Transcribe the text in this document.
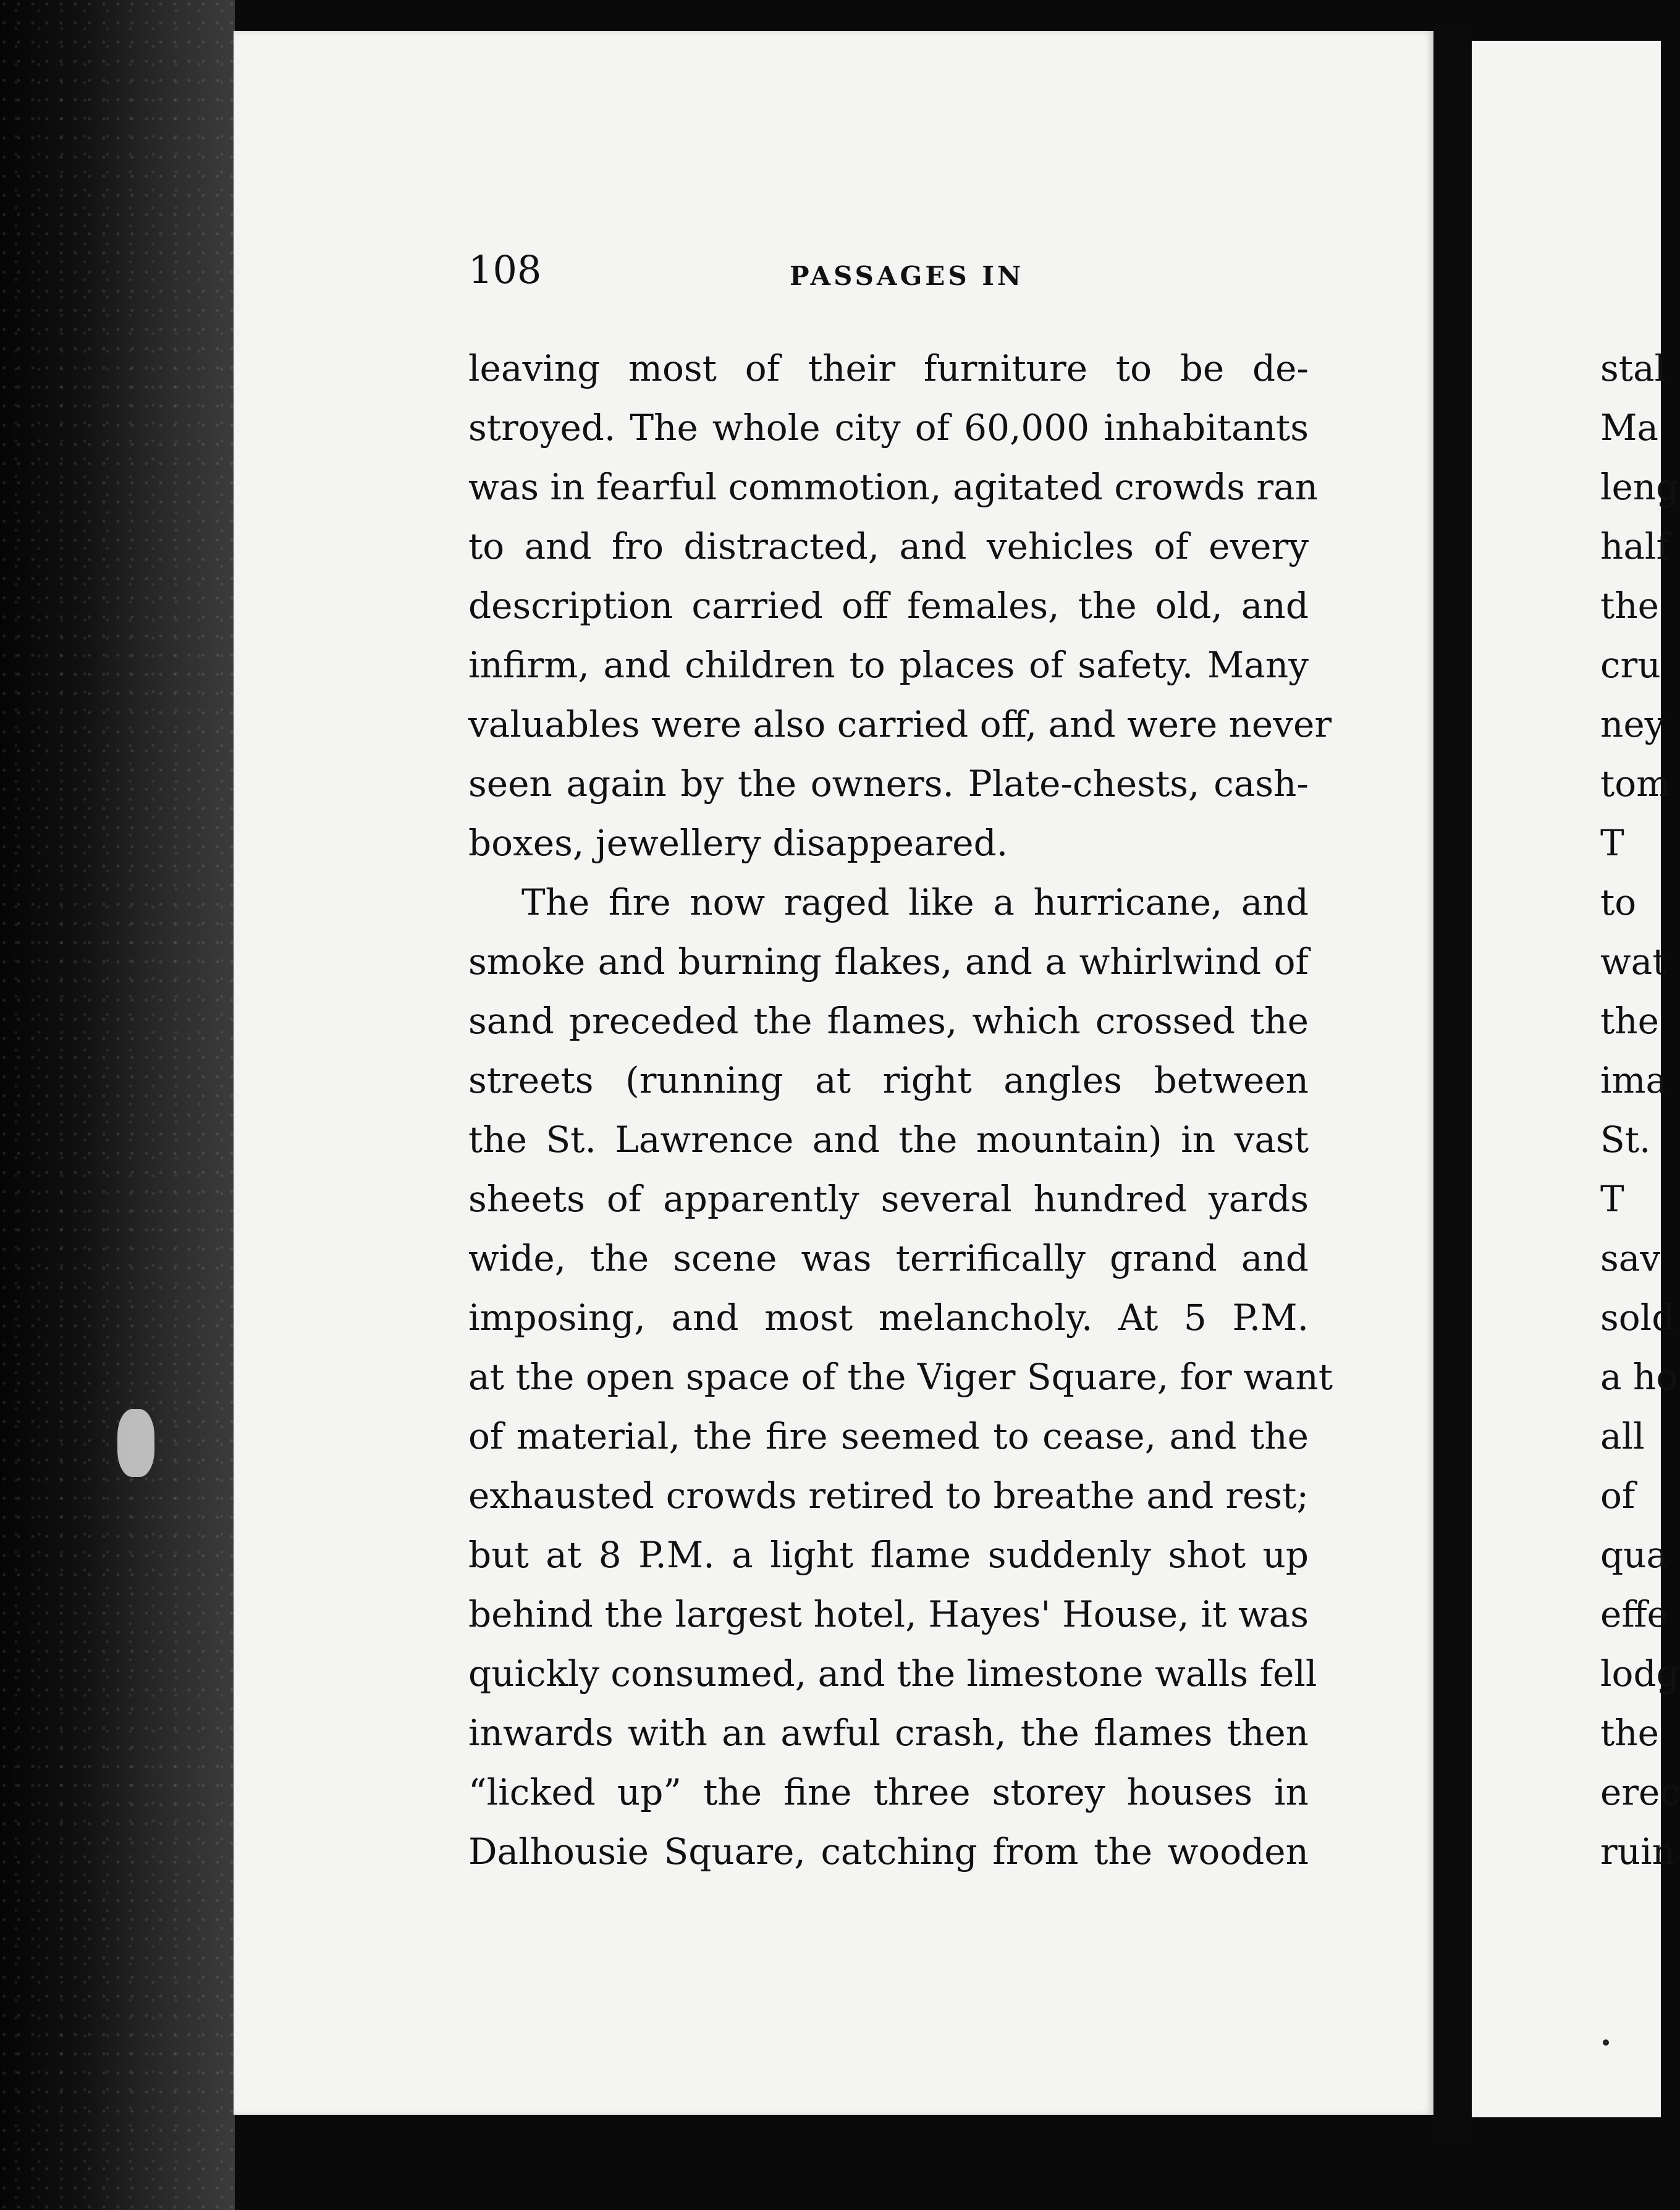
108	PASSAGES IN
leaving most of their furniture to be de-
stroyed. The whole city of 60,000 inhabitants
was in fearful commotion, agitated crowds ran
to and fro distracted, and vehicles of every
description carried off females, the old, and
infirm, and children to places of safety. Many
valuables were also carried off, and were never
seen again by the owners. Plate-chests, cash-
boxes, jewellery disappeared.
The fire now raged like a hurricane, and
smoke and burning flakes, and a whirlwind of
sand preceded the flames, which crossed the
streets (running at right angles between
the St. Lawrence and the mountain) in vast
sheets of apparently several hundred yards
wide, the scene was terrifically grand and
imposing, and most melancholy. At 5 P.M.
at the open space of the Viger Square, for want
of material, the fire seemed to cease, and the
exhausted crowds retired to breathe and rest;
but at 8 P.M. a light flame suddenly shot up
behind the largest hotel, Hayes' House, it was
quickly consumed, and the limestone walls fell
inwards with an awful crash, the flames then
“licked up” the fine three storey houses in
Dalhousie Square, catching from the wooden
stal
Ma
leng
half
the
cru
ney
tom
T
to
wat
the
ima
St.
T
sav
sold
a ho
all
of
qua
effe
lodg
the
erec
ruin
